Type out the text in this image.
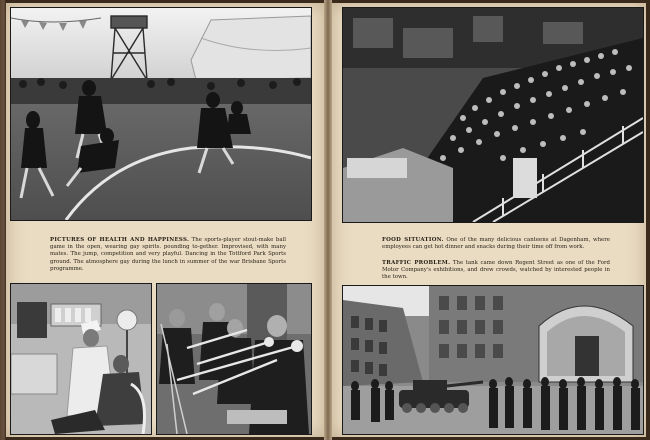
PICTURES OF HEALTH AND HAPPINESS. The sports-player stout-make ball game in the open, wearing gay spirits. pounding to-gether. Improvised, with many mates. The jump, competition and very playful. Dancing in the Tottford Park Sports ground. The atmosphere gay during the lunch in summer of the war Brisbane Sports programme.
FOOD SITUATION. One of the many delicious canteens at Dagenham, where employees can get hot dinner and snacks during their time off from work.
TRAFFIC PROBLEM. The tank came down Regent Street as one of the Ford Motor Company's exhibitions, and drew crowds, watched by interested people in the town.
